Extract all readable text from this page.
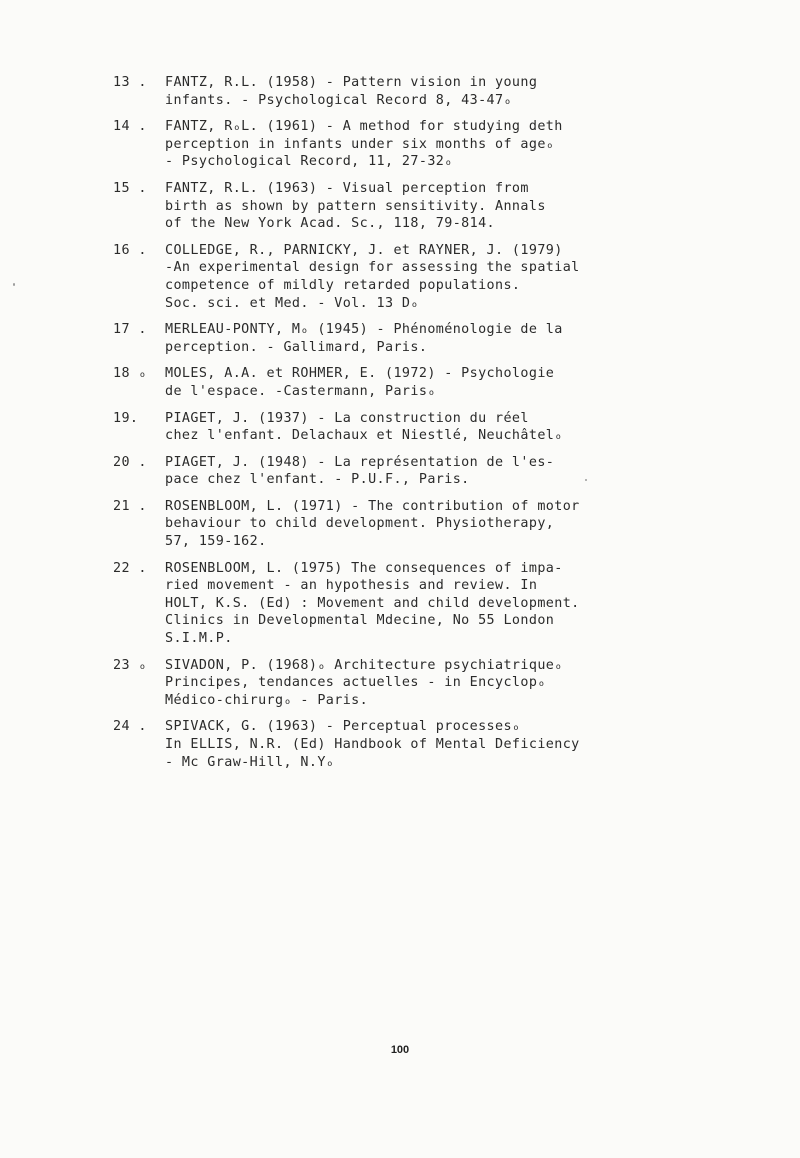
13 .	FANTZ, R.L. (1958) - Pattern vision in young
infants. - Psychological Record 8, 43-47ₒ
14 .	FANTZ, RₒL. (1961) - A method for studying deth
perception in infants under six months of ageₒ
- Psychological Record, 11, 27-32ₒ
15 .	FANTZ, R.L. (1963) - Visual perception from
birth as shown by pattern sensitivity. Annals
of the New York Acad. Sc., 118, 79-814.
16 .	COLLEDGE, R., PARNICKY, J. et RAYNER, J. (1979)
-An experimental design for assessing the spatial
competence of mildly retarded populations.
Soc. sci. et Med. - Vol. 13 Dₒ
17 .	MERLEAU-PONTY, Mₒ (1945) - Phénoménologie de la
perception. - Gallimard, Paris.
18 ₒ	MOLES, A.A. et ROHMER, E. (1972) - Psychologie
de l'espace. -Castermann, Parisₒ
19.	PIAGET, J. (1937) - La construction du réel
chez l'enfant. Delachaux et Niestlé, Neuchâtelₒ
20 .	PIAGET, J. (1948) - La représentation de l'es-
pace chez l'enfant. - P.U.F., Paris.
21 .	ROSENBLOOM, L. (1971) - The contribution of motor
behaviour to child development. Physiotherapy,
57, 159-162.
22 .	ROSENBLOOM, L. (1975) The consequences of impa-
ried movement - an hypothesis and review. In
HOLT, K.S. (Ed) : Movement and child development.
Clinics in Developmental Mdecine, No 55 London
S.I.M.P.
23 ₒ	SIVADON, P. (1968)ₒ Architecture psychiatriqueₒ
Principes, tendances actuelles - in Encyclopₒ
Médico-chirurgₒ - Paris.
24 .	SPIVACK, G. (1963) - Perceptual processesₒ
In ELLIS, N.R. (Ed) Handbook of Mental Deficiency
- Mc Graw-Hill, N.Yₒ
100
